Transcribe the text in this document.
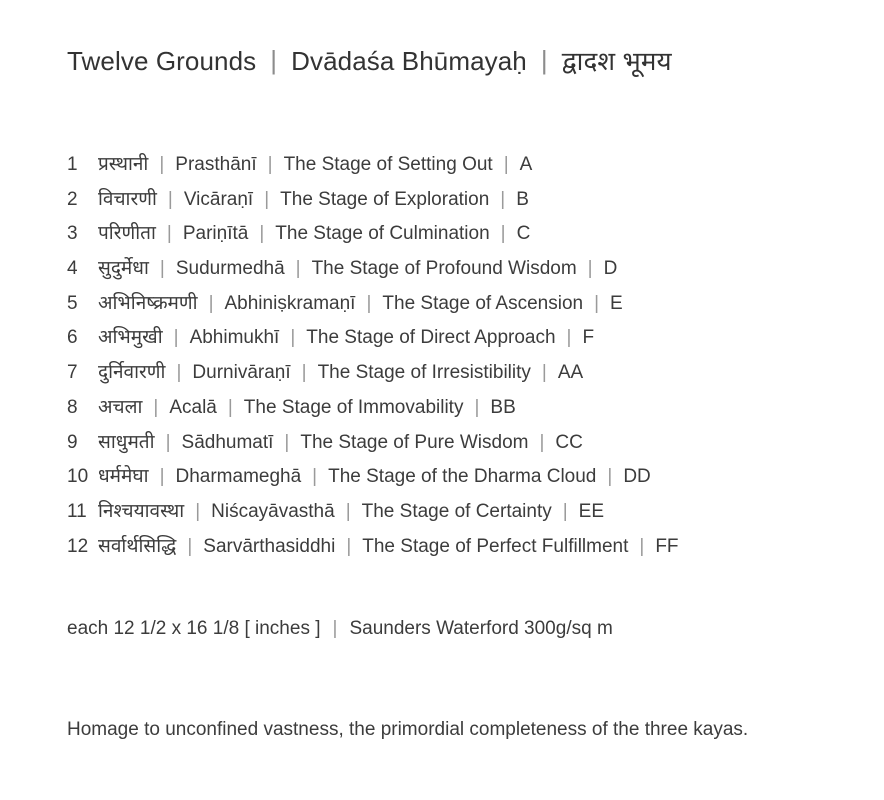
Twelve Grounds | Dvādaśa Bhūmayaḥ | द्वादश भूमय
1	प्रस्थानी | Prasthānī | The Stage of Setting Out | A
2	विचारणी | Vicāraṇī | The Stage of Exploration | B
3	परिणीता | Pariṇītā | The Stage of Culmination | C
4	सुदुर्मेधा | Sudurmedhā | The Stage of Profound Wisdom | D
5	अभिनिष्क्रमणी | Abhiniṣkramaṇī | The Stage of Ascension | E
6	अभिमुखी | Abhimukhī | The Stage of Direct Approach | F
7	दुर्निवारणी | Durnivāraṇī | The Stage of Irresistibility | AA
8	अचला | Acalā | The Stage of Immovability | BB
9	साधुमती | Sādhumatī | The Stage of Pure Wisdom | CC
10 धर्ममेघा | Dharmameghā | The Stage of the Dharma Cloud | DD
11 निश्चयावस्था | Niścayāvasthā | The Stage of Certainty | EE
12 सर्वार्थसिद्धि | Sarvārthasiddhi | The Stage of Perfect Fulfillment | FF
each 12 1/2 x 16 1/8 [ inches ] | Saunders Waterford 300g/sq m
Homage to unconfined vastness, the primordial completeness of the three kayas.
